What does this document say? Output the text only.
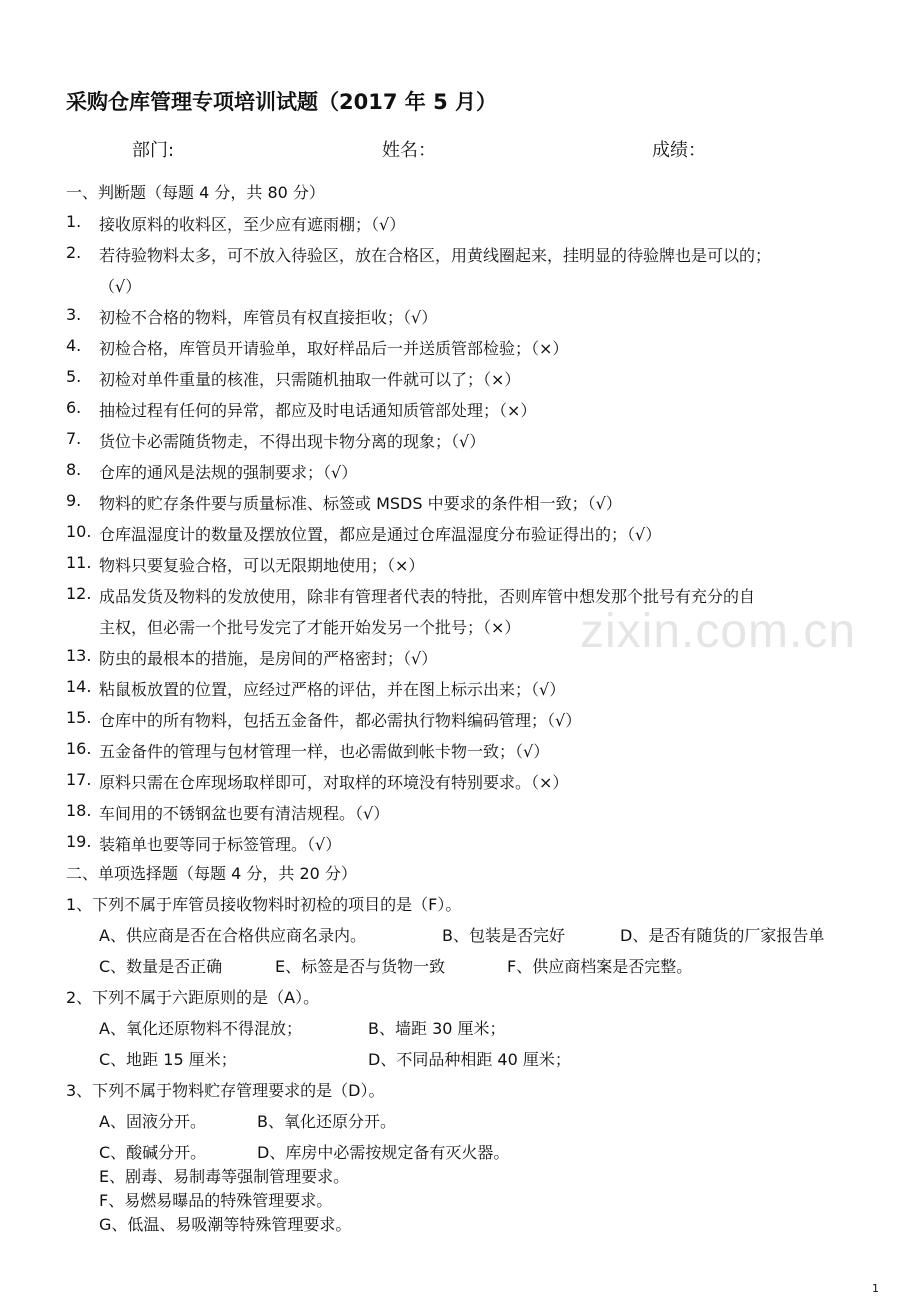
采购仓库管理专项培训试题（2017 年 5 月）
部门:	姓名：	成绩：
一、判断题（每题 4 分，共 80 分）
1. 接收原料的收料区，至少应有遮雨棚；（√）
2. 若待验物料太多，可不放入待验区，放在合格区，用黄线圈起来，挂明显的待验牌也是可以的；
（√）
3. 初检不合格的物料，库管员有权直接拒收；（√）
4. 初检合格，库管员开请验单，取好样品后一并送质管部检验；（×）
5. 初检对单件重量的核准，只需随机抽取一件就可以了；（×）
6. 抽检过程有任何的异常，都应及时电话通知质管部处理；（×）
7. 货位卡必需随货物走，不得出现卡物分离的现象；（√）
8. 仓库的通风是法规的强制要求；（√）
9. 物料的贮存条件要与质量标准、标签或 MSDS 中要求的条件相一致；（√）
10. 仓库温湿度计的数量及摆放位置，都应是通过仓库温湿度分布验证得出的；（√）
11. 物料只要复验合格，可以无限期地使用；（×）
12. 成品发货及物料的发放使用，除非有管理者代表的特批，否则库管中想发那个批号有充分的自
主权，但必需一个批号发完了才能开始发另一个批号；（×）
13. 防虫的最根本的措施，是房间的严格密封；（√）
14. 粘鼠板放置的位置，应经过严格的评估，并在图上标示出来；（√）
15. 仓库中的所有物料，包括五金备件，都必需执行物料编码管理；（√）
16. 五金备件的管理与包材管理一样，也必需做到帐卡物一致；（√）
17. 原料只需在仓库现场取样即可，对取样的环境没有特别要求。（×）
18. 车间用的不锈钢盆也要有清洁规程。（√）
19. 装箱单也要等同于标签管理。（√）
二、单项选择题（每题 4 分，共 20 分）
1、下列不属于库管员接收物料时初检的项目的是（F）。
A、供应商是否在合格供应商名录内。	B、包装是否完好	D、是否有随货的厂家报告单
C、数量是否正确	E、标签是否与货物一致	F、供应商档案是否完整。
2、下列不属于六距原则的是（A）。
A、氧化还原物料不得混放；	B、墙距 30 厘米；
C、地距 15 厘米；	D、不同品种相距 40 厘米；
3、下列不属于物料贮存管理要求的是（D）。
A、固液分开。	B、氧化还原分开。
C、酸碱分开。	D、库房中必需按规定备有灭火器。
E、剧毒、易制毒等强制管理要求。
F、易燃易曝品的特殊管理要求。
G、低温、易吸潮等特殊管理要求。
zixin.com.cn
1
